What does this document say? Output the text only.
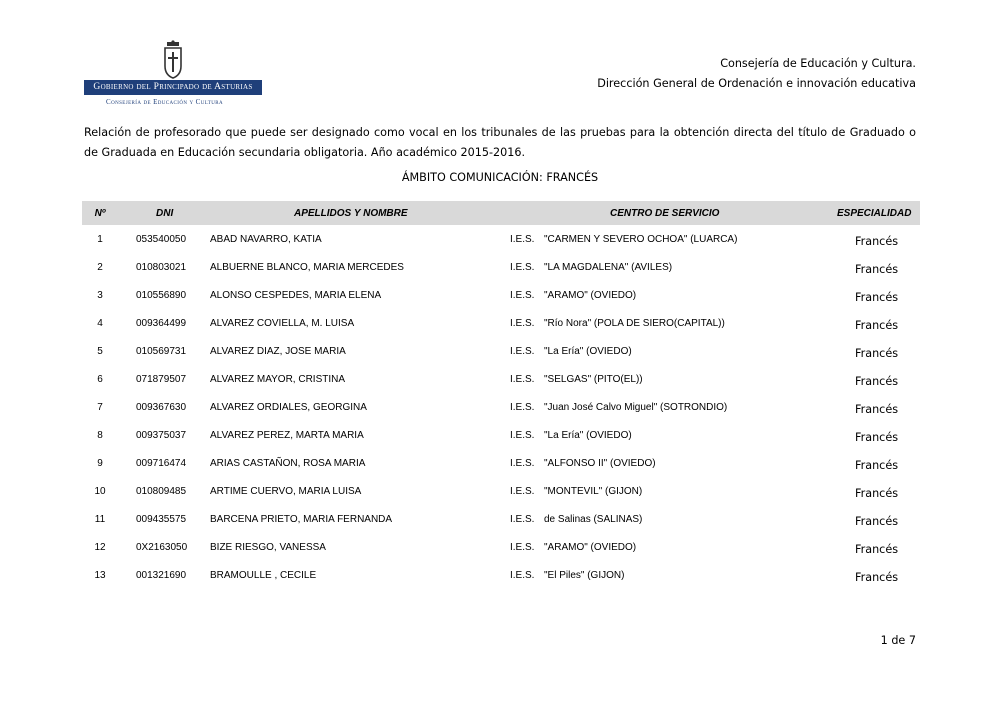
Gobierno del Principado de Asturias
Consejería de Educación y Cultura
Consejería de Educación y Cultura.
Dirección General de Ordenación e innovación educativa
Relación de profesorado que puede ser designado como vocal en los tribunales de las pruebas para la obtención directa del título de Graduado o de Graduada en Educación secundaria obligatoria. Año académico 2015-2016.
ÁMBITO COMUNICACIÓN: FRANCÉS
Nº	DNI	APELLIDOS Y NOMBRE	CENTRO DE SERVICIO	ESPECIALIDAD
1	053540050 ABAD NAVARRO, KATIA	I.E.S. "CARMEN Y SEVERO OCHOA" (LUARCA)	Francés
2	010803021 ALBUERNE BLANCO, MARIA MERCEDES	I.E.S. "LA MAGDALENA" (AVILES)	Francés
3	010556890 ALONSO CESPEDES, MARIA ELENA	I.E.S. "ARAMO" (OVIEDO)	Francés
4	009364499 ALVAREZ COVIELLA, M. LUISA	I.E.S. "Río Nora" (POLA DE SIERO(CAPITAL))	Francés
5	010569731 ALVAREZ DIAZ, JOSE MARIA	I.E.S. "La Ería" (OVIEDO)	Francés
6	071879507 ALVAREZ MAYOR, CRISTINA	I.E.S. "SELGAS" (PITO(EL))	Francés
7	009367630 ALVAREZ ORDIALES, GEORGINA	I.E.S. "Juan José Calvo Miguel" (SOTRONDIO)	Francés
8	009375037 ALVAREZ PEREZ, MARTA MARIA	I.E.S. "La Ería" (OVIEDO)	Francés
9	009716474 ARIAS CASTAÑON, ROSA MARIA	I.E.S. "ALFONSO II" (OVIEDO)	Francés
10	010809485 ARTIME CUERVO, MARIA LUISA	I.E.S. "MONTEVIL" (GIJON)	Francés
11	009435575 BARCENA PRIETO, MARIA FERNANDA	I.E.S. de Salinas (SALINAS)	Francés
12	0X2163050 BIZE RIESGO, VANESSA	I.E.S. "ARAMO" (OVIEDO)	Francés
13	001321690 BRAMOULLE , CECILE	I.E.S. "El Piles" (GIJON)	Francés
1 de 7
